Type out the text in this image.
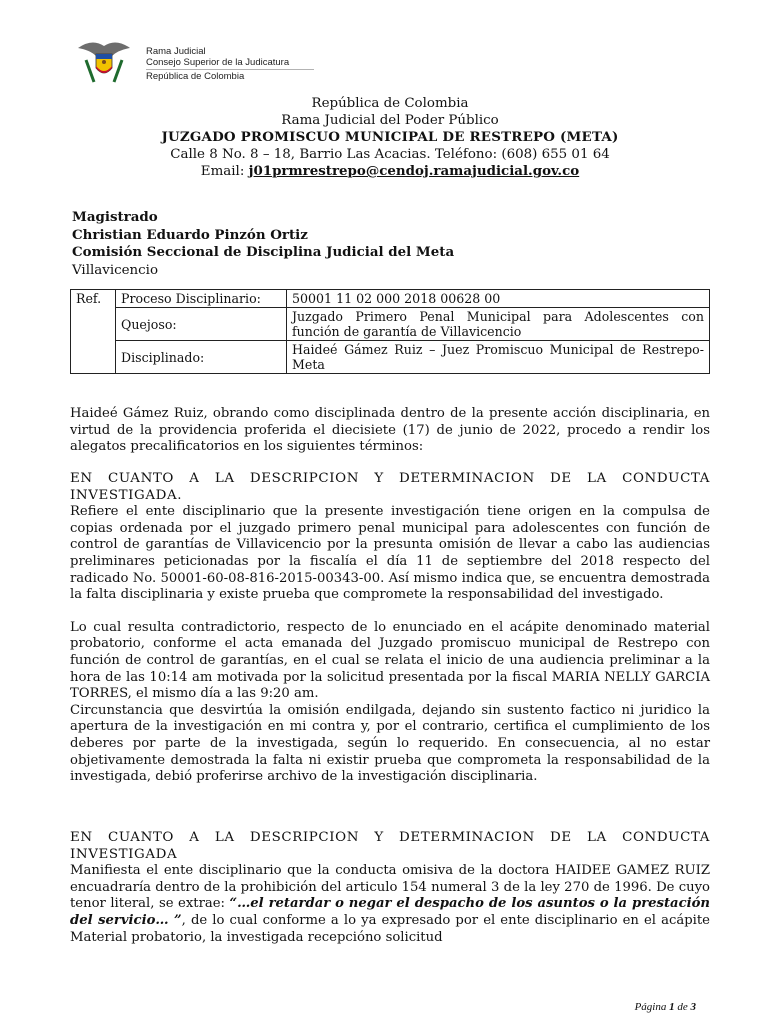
Rama Judicial
Consejo Superior de la Judicatura
República de Colombia
República de Colombia
Rama Judicial del Poder Público
JUZGADO PROMISCUO MUNICIPAL DE RESTREPO (META)
Calle 8 No. 8 – 18, Barrio Las Acacias. Teléfono: (608) 655 01 64
Email: j01prmrestrepo@cendoj.ramajudicial.gov.co
Magistrado
Christian Eduardo Pinzón Ortiz
Comisión Seccional de Disciplina Judicial del Meta
Villavicencio
Ref.	Proceso Disciplinario:	50001 11 02 000 2018 00628 00
	Quejoso:	Juzgado Primero Penal Municipal para Adolescentes con función de garantía de Villavicencio
	Disciplinado:	Haideé Gámez Ruiz – Juez Promiscuo Municipal de Restrepo- Meta

Haideé Gámez Ruiz, obrando como disciplinada dentro de la presente acción disciplinaria, en virtud de la providencia proferida el diecisiete (17) de junio de 2022, procedo a rendir los alegatos precalificatorios en los siguientes términos:

EN CUANTO A LA DESCRIPCION Y DETERMINACION DE LA CONDUCTA INVESTIGADA.

Refiere el ente disciplinario que la presente investigación tiene origen en la compulsa de copias ordenada por el juzgado primero penal municipal para adolescentes con función de control de garantías de Villavicencio por la presunta omisión de llevar a cabo las audiencias preliminares peticionadas por la fiscalía el día 11 de septiembre del 2018 respecto del radicado No. 50001-60-08-816-2015-00343-00. Así mismo indica que, se encuentra demostrada la falta disciplinaria y existe prueba que compromete la responsabilidad del investigado.

Lo cual resulta contradictorio, respecto de lo enunciado en el acápite denominado material probatorio, conforme el acta emanada del Juzgado promiscuo municipal de Restrepo con función de control de garantías, en el cual se relata el inicio de una audiencia preliminar a la hora de las 10:14 am motivada por la solicitud presentada por la fiscal MARIA NELLY GARCIA TORRES, el mismo día a las 9:20 am.

Circunstancia que desvirtúa la omisión endilgada, dejando sin sustento factico ni juridico la apertura de la investigación en mi contra y, por el contrario, certifica el cumplimiento de los deberes por parte de la investigada, según lo requerido. En consecuencia, al no estar objetivamente demostrada la falta ni existir prueba que comprometa la responsabilidad de la investigada, debió proferirse archivo de la investigación disciplinaria.

EN CUANTO A LA DESCRIPCION Y DETERMINACION DE LA CONDUCTA INVESTIGADA

Manifiesta el ente disciplinario que la conducta omisiva de la doctora HAIDEE GAMEZ RUIZ encuadraría dentro de la prohibición del articulo 154 numeral 3 de la ley 270 de 1996. De cuyo tenor literal, se extrae: “…el retardar o negar el despacho de los asuntos o la prestación del servicio… ”, de lo cual conforme a lo ya expresado por el ente disciplinario en el acápite Material probatorio, la investigada recepcióno solicitud

Página 1 de 3
